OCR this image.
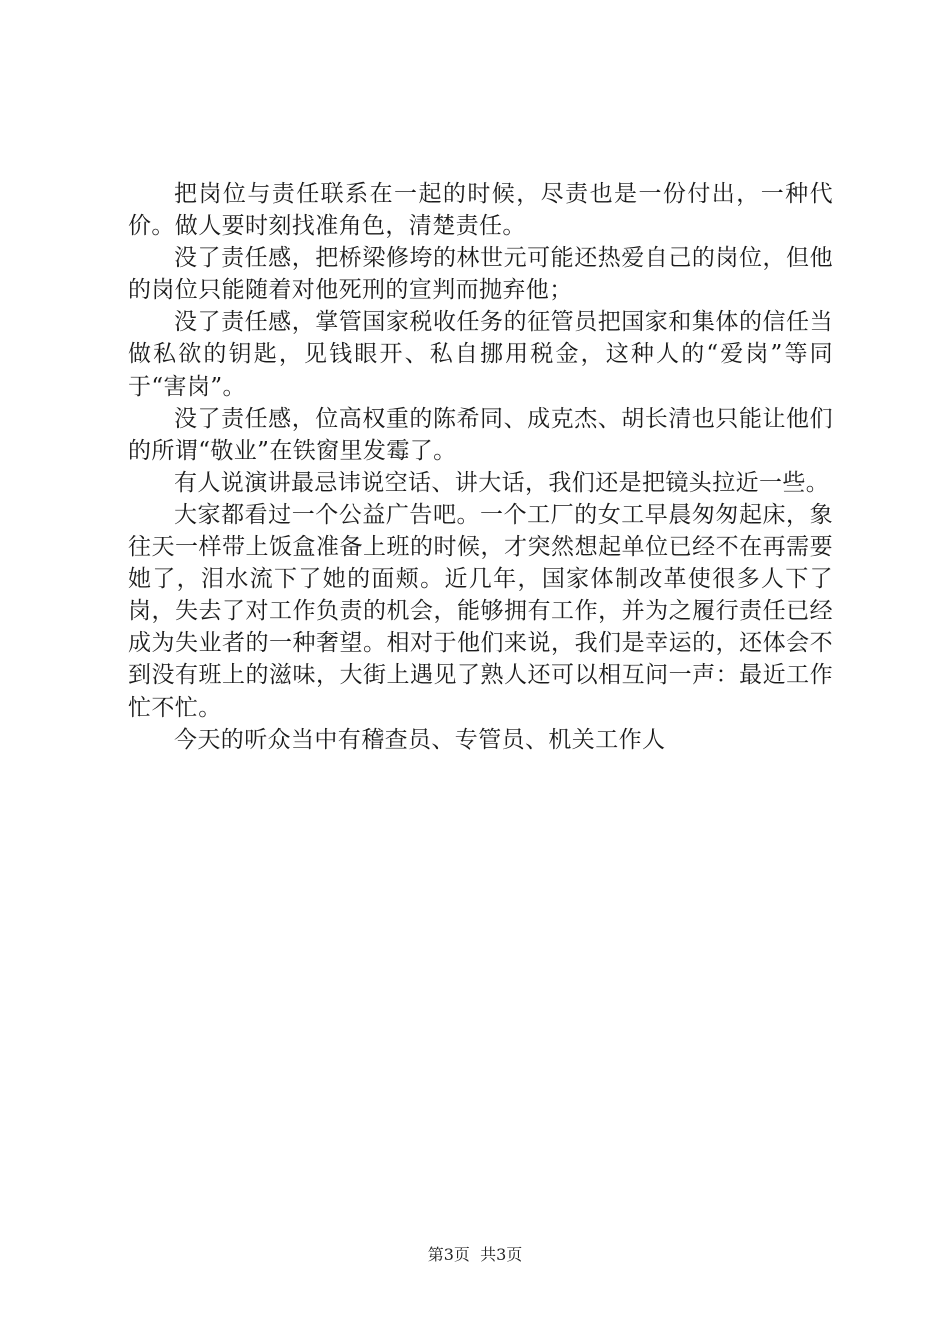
把岗位与责任联系在一起的时候，尽责也是一份付出，一种代价。做人要时刻找准角色，清楚责任。

没了责任感，把桥梁修垮的林世元可能还热爱自己的岗位，但他的岗位只能随着对他死刑的宣判而抛弃他；

没了责任感，掌管国家税收任务的征管员把国家和集体的信任当做私欲的钥匙，见钱眼开、私自挪用税金，这种人的“爱岗”等同于“害岗”。

没了责任感，位高权重的陈希同、成克杰、胡长清也只能让他们的所谓“敬业”在铁窗里发霉了。

有人说演讲最忌讳说空话、讲大话，我们还是把镜头拉近一些。

大家都看过一个公益广告吧。一个工厂的女工早晨匆匆起床，象往天一样带上饭盒准备上班的时候，才突然想起单位已经不在再需要她了，泪水流下了她的面颊。近几年，国家体制改革使很多人下了岗，失去了对工作负责的机会，能够拥有工作，并为之履行责任已经成为失业者的一种奢望。相对于他们来说，我们是幸运的，还体会不到没有班上的滋味，大街上遇见了熟人还可以相互问一声：最近工作忙不忙。

今天的听众当中有稽查员、专管员、机关工作人

第3页 共3页
